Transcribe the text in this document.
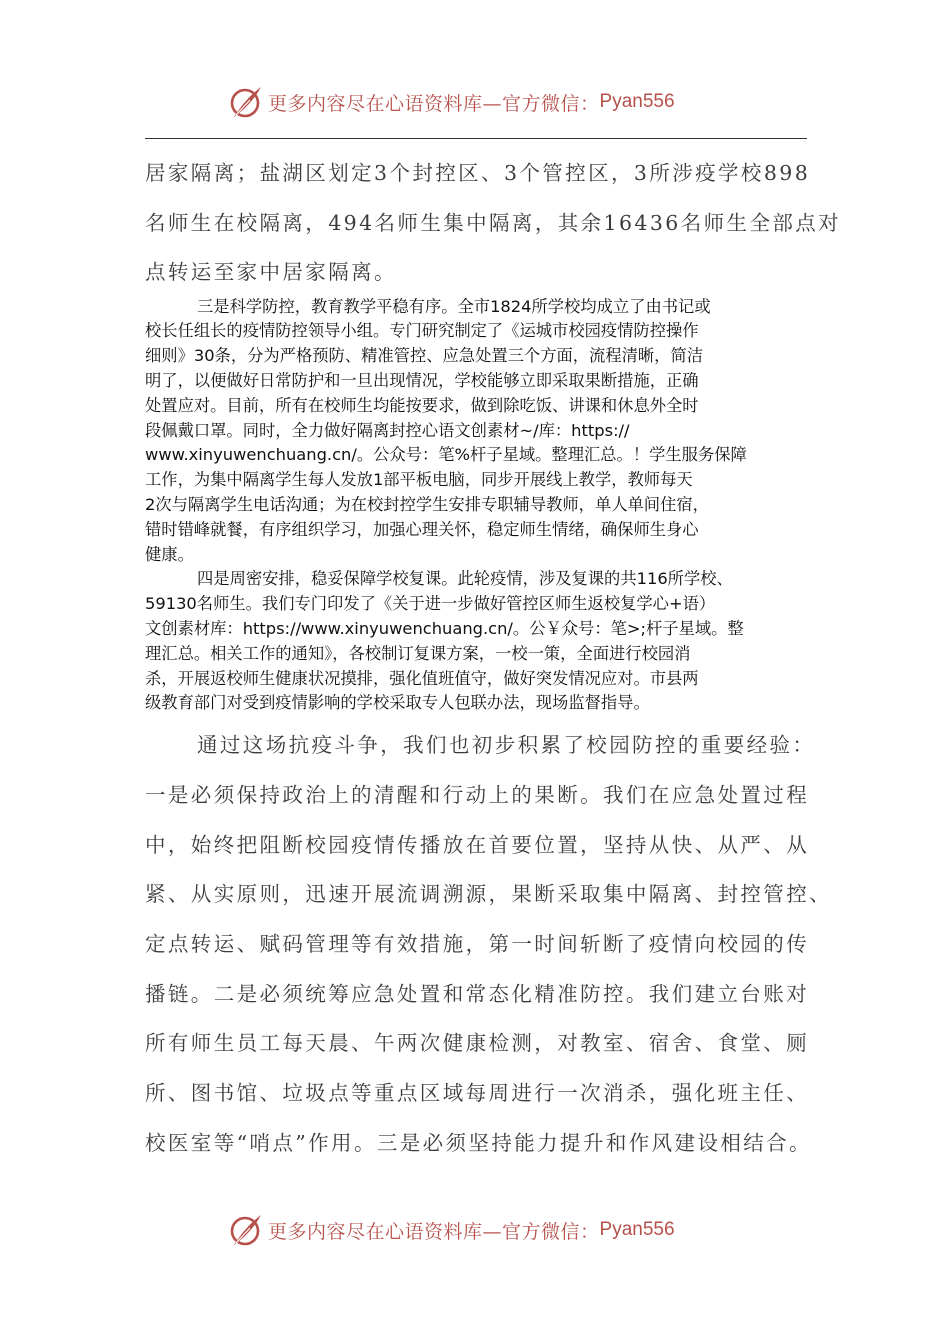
更多内容尽在心语资料库—官方微信： Pyan556
居家隔离；盐湖区划定3个封控区、3个管控区，3所涉疫学校898
名师生在校隔离，494名师生集中隔离，其余16436名师生全部点对
点转运至家中居家隔离。
三是科学防控，教育教学平稳有序。全市1824所学校均成立了由书记或
校长任组长的疫情防控领导小组。专门研究制定了《运城市校园疫情防控操作
细则》30条，分为严格预防、精准管控、应急处置三个方面，流程清晰，简洁
明了，以便做好日常防护和一旦出现情况，学校能够立即采取果断措施，正确
处置应对。目前，所有在校师生均能按要求，做到除吃饭、讲课和休息外全时
段佩戴口罩。同时，全力做好隔离封控心语文创素材~/库：https://
www.xinyuwenchuang.cn/。公众号：笔%杆子星域。整理汇总。！学生服务保障
工作，为集中隔离学生每人发放1部平板电脑，同步开展线上教学，教师每天
2次与隔离学生电话沟通；为在校封控学生安排专职辅导教师，单人单间住宿，
错时错峰就餐，有序组织学习，加强心理关怀，稳定师生情绪，确保师生身心
健康。
四是周密安排，稳妥保障学校复课。此轮疫情，涉及复课的共116所学校、
59130名师生。我们专门印发了《关于进一步做好管控区师生返校复学心+语）
文创素材库：https://www.xinyuwenchuang.cn/。公￥众号：笔>;杆子星域。整
理汇总。相关工作的通知》，各校制订复课方案，一校一策，全面进行校园消
杀，开展返校师生健康状况摸排，强化值班值守，做好突发情况应对。市县两
级教育部门对受到疫情影响的学校采取专人包联办法，现场监督指导。
通过这场抗疫斗争，我们也初步积累了校园防控的重要经验：
一是必须保持政治上的清醒和行动上的果断。我们在应急处置过程
中，始终把阻断校园疫情传播放在首要位置，坚持从快、从严、从
紧、从实原则，迅速开展流调溯源，果断采取集中隔离、封控管控、
定点转运、赋码管理等有效措施，第一时间斩断了疫情向校园的传
播链。二是必须统筹应急处置和常态化精准防控。我们建立台账对
所有师生员工每天晨、午两次健康检测，对教室、宿舍、食堂、厕
所、图书馆、垃圾点等重点区域每周进行一次消杀，强化班主任、
校医室等“哨点”作用。三是必须坚持能力提升和作风建设相结合。
更多内容尽在心语资料库—官方微信： Pyan556
